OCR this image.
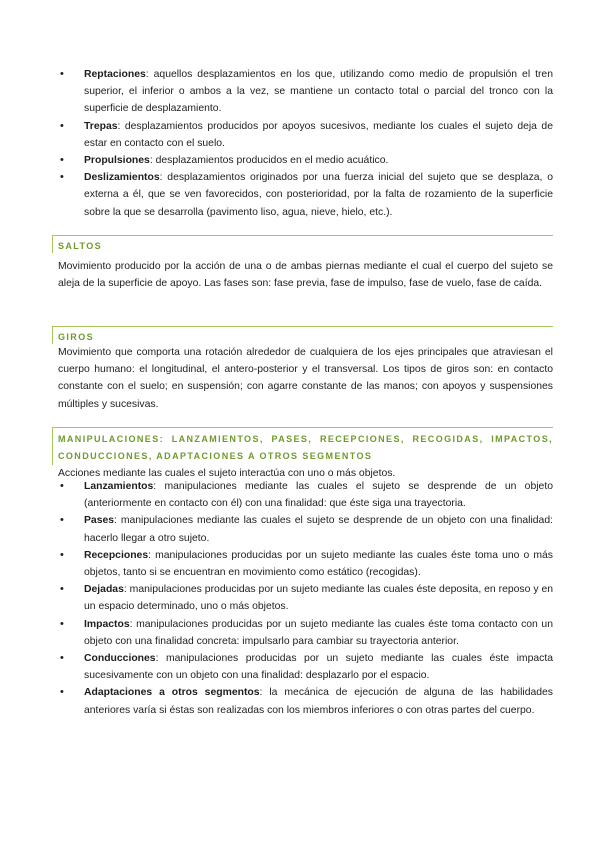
• Reptaciones: aquellos desplazamientos en los que, utilizando como medio de propulsión el tren superior, el inferior o ambos a la vez, se mantiene un contacto total o parcial del tronco con la superficie de desplazamiento.
• Trepas: desplazamientos producidos por apoyos sucesivos, mediante los cuales el sujeto deja de estar en contacto con el suelo.
• Propulsiones: desplazamientos producidos en el medio acuático.
• Deslizamientos: desplazamientos originados por una fuerza inicial del sujeto que se desplaza, o externa a él, que se ven favorecidos, con posterioridad, por la falta de rozamiento de la superficie sobre la que se desarrolla (pavimento liso, agua, nieve, hielo, etc.).
SALTOS
Movimiento producido por la acción de una o de ambas piernas mediante el cual el cuerpo del sujeto se aleja de la superficie de apoyo. Las fases son: fase previa, fase de impulso, fase de vuelo, fase de caída.
GIROS
Movimiento que comporta una rotación alrededor de cualquiera de los ejes principales que atraviesan el cuerpo humano: el longitudinal, el antero-posterior y el transversal. Los tipos de giros son: en contacto constante con el suelo; en suspensión; con agarre constante de las manos; con apoyos y suspensiones múltiples y sucesivas.
MANIPULACIONES: LANZAMIENTOS, PASES, RECEPCIONES, RECOGIDAS, IMPACTOS, CONDUCCIONES, ADAPTACIONES A OTROS SEGMENTOS
Acciones mediante las cuales el sujeto interactúa con uno o más objetos.
• Lanzamientos: manipulaciones mediante las cuales el sujeto se desprende de un objeto (anteriormente en contacto con él) con una finalidad: que éste siga una trayectoria.
• Pases: manipulaciones mediante las cuales el sujeto se desprende de un objeto con una finalidad: hacerlo llegar a otro sujeto.
• Recepciones: manipulaciones producidas por un sujeto mediante las cuales éste toma uno o más objetos, tanto si se encuentran en movimiento como estático (recogidas).
• Dejadas: manipulaciones producidas por un sujeto mediante las cuales éste deposita, en reposo y en un espacio determinado, uno o más objetos.
• Impactos: manipulaciones producidas por un sujeto mediante las cuales éste toma contacto con un objeto con una finalidad concreta: impulsarlo para cambiar su trayectoria anterior.
• Conducciones: manipulaciones producidas por un sujeto mediante las cuales éste impacta sucesivamente con un objeto con una finalidad: desplazarlo por el espacio.
• Adaptaciones a otros segmentos: la mecánica de ejecución de alguna de las habilidades anteriores varía si éstas son realizadas con los miembros inferiores o con otras partes del cuerpo.
